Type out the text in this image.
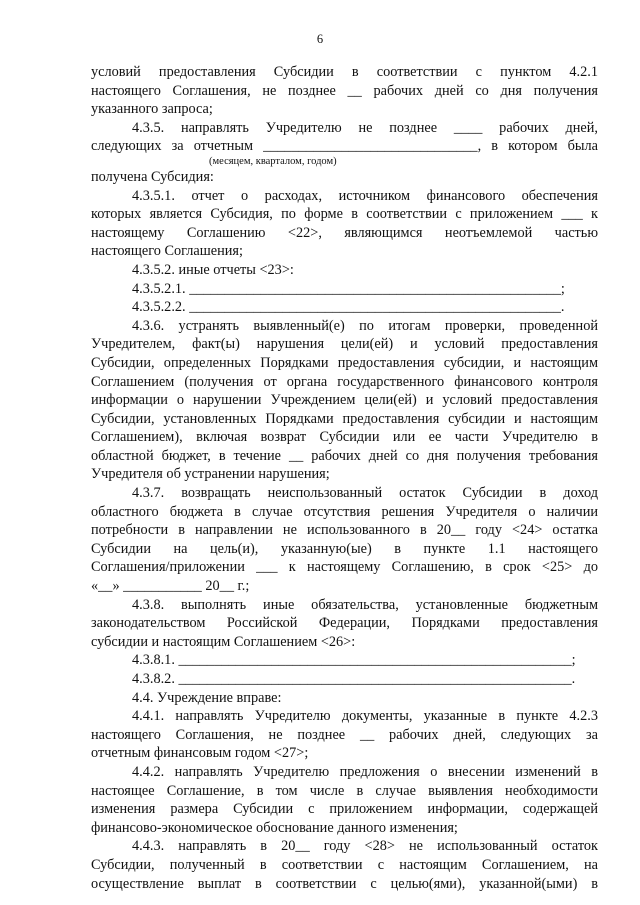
6

условий предоставления Субсидии в соответствии с пунктом 4.2.1

настоящего Соглашения, не позднее __ рабочих дней со дня получения

указанного запроса;

4.3.5. направлять Учредителю не позднее ____ рабочих дней,

следующих за отчетным ______________________________, в котором была

(месяцем, кварталом, годом)

получена Субсидия:

4.3.5.1. отчет о расходах, источником финансового обеспечения

которых является Субсидия, по форме в соответствии с приложением ___ к

настоящему Соглашению <22>, являющимся неотъемлемой частью

настоящего Соглашения;

4.3.5.2. иные отчеты <23>:

4.3.5.2.1. ____________________________________________________;

4.3.5.2.2. ____________________________________________________.

4.3.6. устранять выявленный(е) по итогам проверки, проведенной

Учредителем, факт(ы) нарушения цели(ей) и условий предоставления

Субсидии, определенных Порядками предоставления субсидии, и настоящим

Соглашением (получения от органа государственного финансового контроля

информации о нарушении Учреждением цели(ей) и условий предоставления

Субсидии, установленных Порядками предоставления субсидии и настоящим

Соглашением), включая возврат Субсидии или ее части Учредителю в

областной бюджет, в течение __ рабочих дней со дня получения требования

Учредителя об устранении нарушения;

4.3.7. возвращать неиспользованный остаток Субсидии в доход

областного бюджета в случае отсутствия решения Учредителя о наличии

потребности в направлении не использованного в 20__ году <24> остатка

Субсидии на цель(и), указанную(ые) в пункте 1.1 настоящего

Соглашения/приложении ___ к настоящему Соглашению, в срок <25> до

«__» ___________ 20__ г.;

4.3.8. выполнять иные обязательства, установленные бюджетным

законодательством Российской Федерации, Порядками предоставления

субсидии и настоящим Соглашением <26>:

4.3.8.1. _______________________________________________________;

4.3.8.2. _______________________________________________________.

4.4. Учреждение вправе:

4.4.1. направлять Учредителю документы, указанные в пункте 4.2.3

настоящего Соглашения, не позднее __ рабочих дней, следующих за

отчетным финансовым годом <27>;

4.4.2. направлять Учредителю предложения о внесении изменений в

настоящее Соглашение, в том числе в случае выявления необходимости

изменения размера Субсидии с приложением информации, содержащей

финансово-экономическое обоснование данного изменения;

4.4.3. направлять в 20__ году <28> не использованный остаток

Субсидии, полученный в соответствии с настоящим Соглашением, на

осуществление выплат в соответствии с целью(ями), указанной(ыми) в
